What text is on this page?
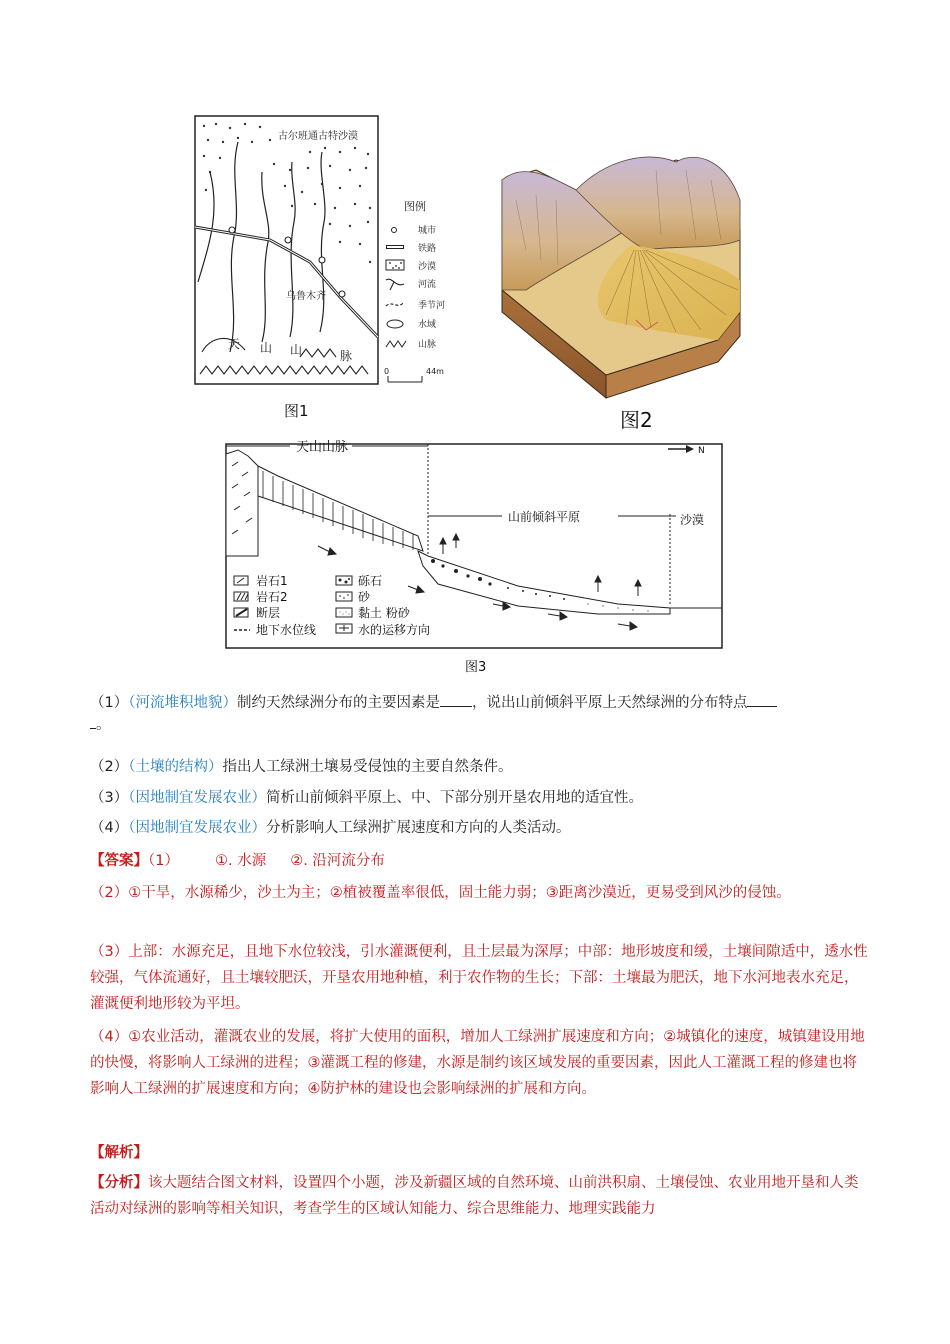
古尔班通古特沙漠
乌鲁木齐
天 山 山	脉
图例
城市
铁路
沙漠
河流
季节河
水域
山脉
0	44m
图1	图2
天山山脉
山前倾斜平原	沙漠
N
岩石1
岩石2
断层
地下水位线
砾石
砂
黏土 粉砂
水的运移方向
图3
（1）（河流堆积地貌）制约天然绿洲分布的主要因素是 ，说出山前倾斜平原上天然绿洲的分布特点
。
（2）（土壤的结构）指出人工绿洲土壤易受侵蚀的主要自然条件。
（3）（因地制宜发展农业）简析山前倾斜平原上、中、下部分别开垦农用地的适宜性。
（4）（因地制宜发展农业）分析影响人工绿洲扩展速度和方向的人类活动。
【答案】（1） ①. 水源 ②. 沿河流分布
（2）①干旱，水源稀少，沙土为主；②植被覆盖率很低，固土能力弱；③距离沙漠近，更易受到风沙的侵蚀。
（3）上部：水源充足，且地下水位较浅，引水灌溉便利，且土层最为深厚；中部：地形坡度和缓，土壤间隙适中，透水性较强，气体流通好，且土壤较肥沃，开垦农用地种植，利于农作物的生长；下部：土壤最为肥沃，地下水河地表水充足，灌溉便利地形较为平坦。
（4）①农业活动，灌溉农业的发展，将扩大使用的面积，增加人工绿洲扩展速度和方向；②城镇化的速度，城镇建设用地的快慢，将影响人工绿洲的进程；③灌溉工程的修建，水源是制约该区域发展的重要因素，因此人工灌溉工程的修建也将影响人工绿洲的扩展速度和方向；④防护林的建设也会影响绿洲的扩展和方向。
【解析】
【分析】该大题结合图文材料，设置四个小题，涉及新疆区域的自然环境、山前洪积扇、土壤侵蚀、农业用地开垦和人类活动对绿洲的影响等相关知识，考查学生的区域认知能力、综合思维能力、地理实践能力
